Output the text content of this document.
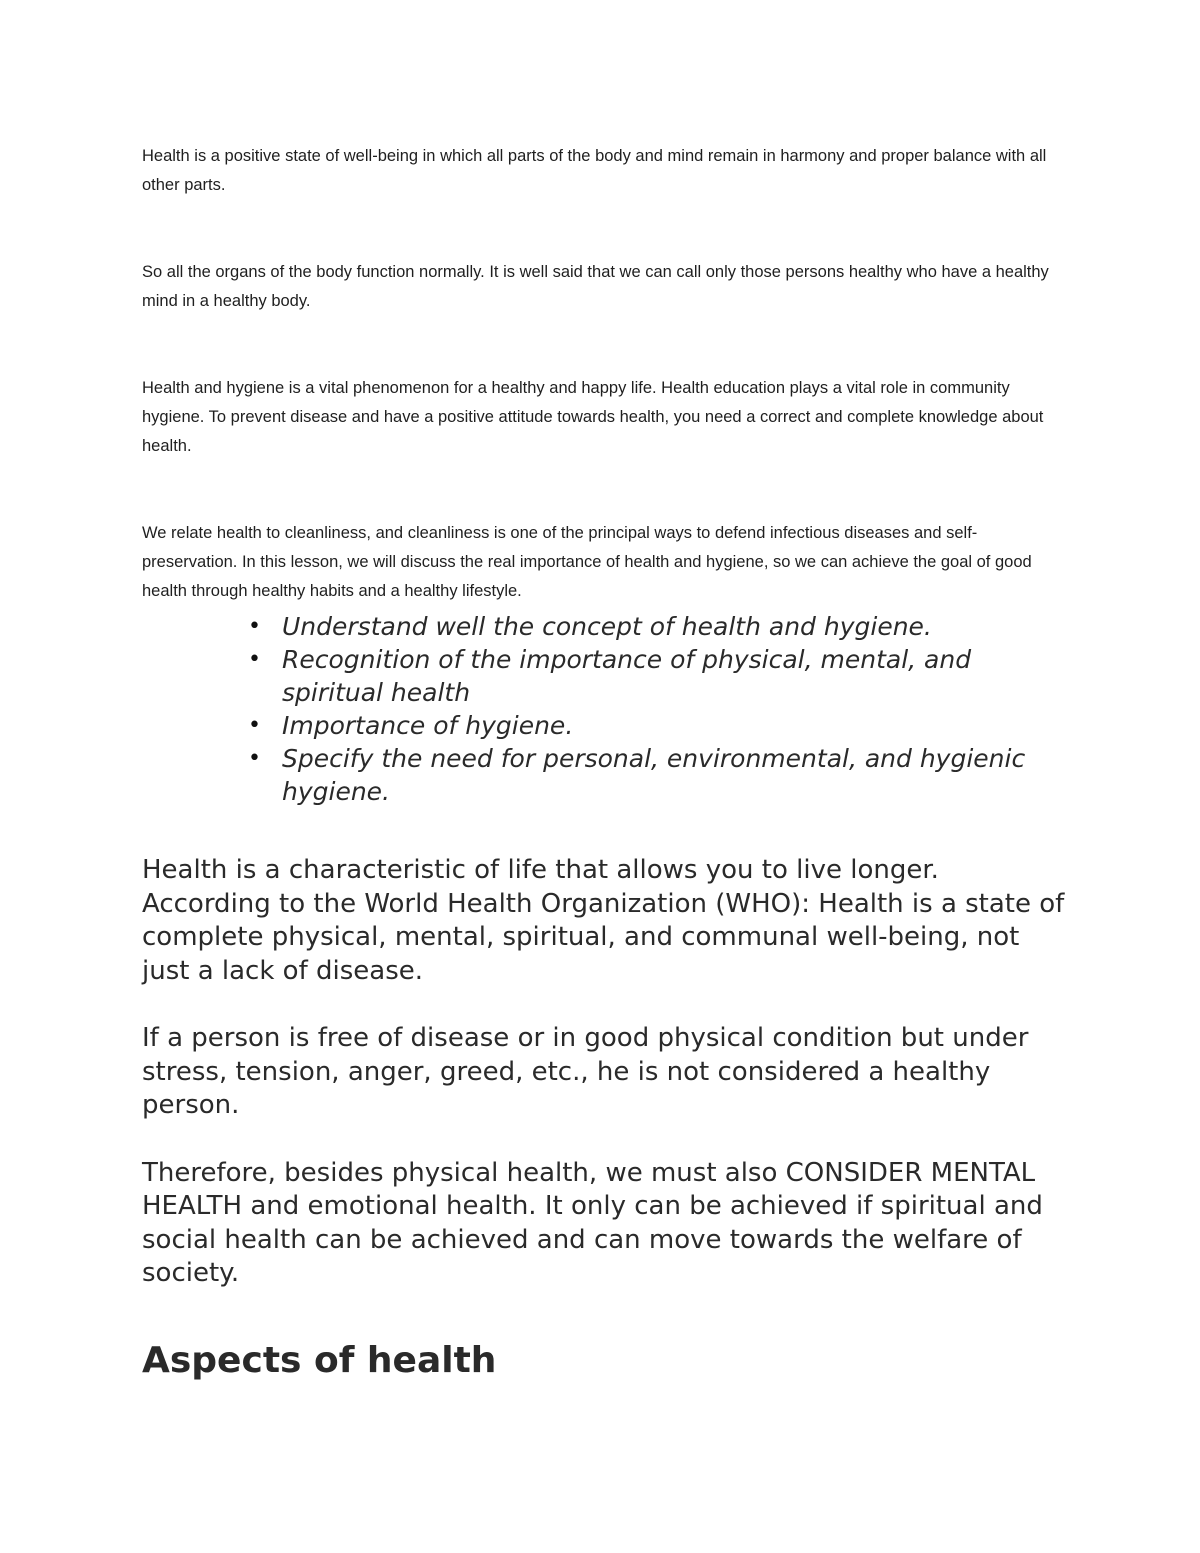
Health is a positive state of well-being in which all parts of the body and mind remain in harmony and proper balance with all other parts.

So all the organs of the body function normally. It is well said that we can call only those persons healthy who have a healthy mind in a healthy body.

Health and hygiene is a vital phenomenon for a healthy and happy life. Health education plays a vital role in community hygiene. To prevent disease and have a positive attitude towards health, you need a correct and complete knowledge about health.

We relate health to cleanliness, and cleanliness is one of the principal ways to defend infectious diseases and self-preservation. In this lesson, we will discuss the real importance of health and hygiene, so we can achieve the goal of good health through healthy habits and a healthy lifestyle.

• Understand well the concept of health and hygiene.
• Recognition of the importance of physical, mental, and spiritual health
• Importance of hygiene.
• Specify the need for personal, environmental, and hygienic hygiene.

Health is a characteristic of life that allows you to live longer. According to the World Health Organization (WHO): Health is a state of complete physical, mental, spiritual, and communal well-being, not just a lack of disease.

If a person is free of disease or in good physical condition but under stress, tension, anger, greed, etc., he is not considered a healthy person.

Therefore, besides physical health, we must also CONSIDER MENTAL HEALTH and emotional health. It only can be achieved if spiritual and social health can be achieved and can move towards the welfare of society.

Aspects of health
